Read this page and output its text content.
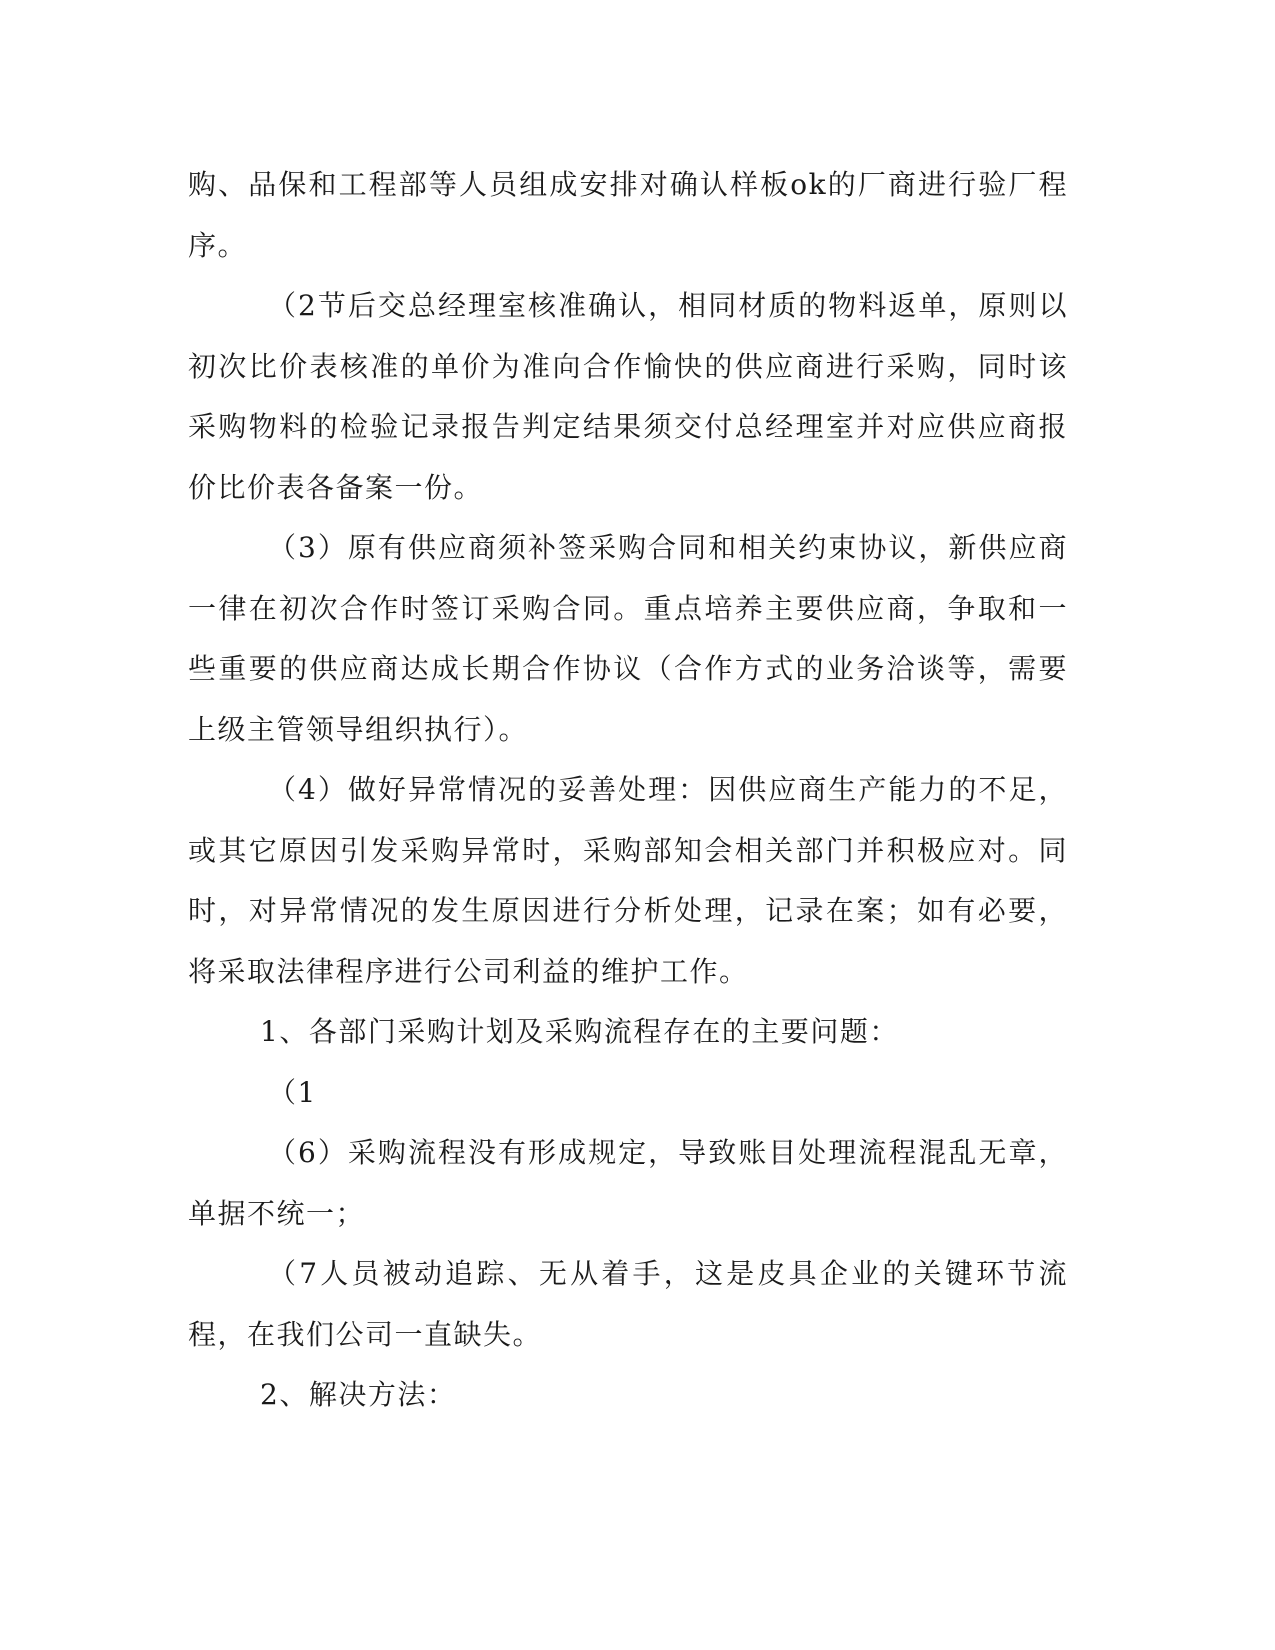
购、品保和工程部等人员组成安排对确认样板ok的厂商进行验厂程序。

（2节后交总经理室核准确认，相同材质的物料返单，原则以初次比价表核准的单价为准向合作愉快的供应商进行采购，同时该采购物料的检验记录报告判定结果须交付总经理室并对应供应商报价比价表各备案一份。

（3）原有供应商须补签采购合同和相关约束协议，新供应商一律在初次合作时签订采购合同。重点培养主要供应商，争取和一些重要的供应商达成长期合作协议（合作方式的业务洽谈等，需要上级主管领导组织执行）。

（4）做好异常情况的妥善处理：因供应商生产能力的不足，或其它原因引发采购异常时，采购部知会相关部门并积极应对。同时，对异常情况的发生原因进行分析处理，记录在案；如有必要，将采取法律程序进行公司利益的维护工作。

1、各部门采购计划及采购流程存在的主要问题：

（1

（6）采购流程没有形成规定，导致账目处理流程混乱无章，单据不统一；

（7人员被动追踪、无从着手，这是皮具企业的关键环节流程，在我们公司一直缺失。

2、解决方法：
